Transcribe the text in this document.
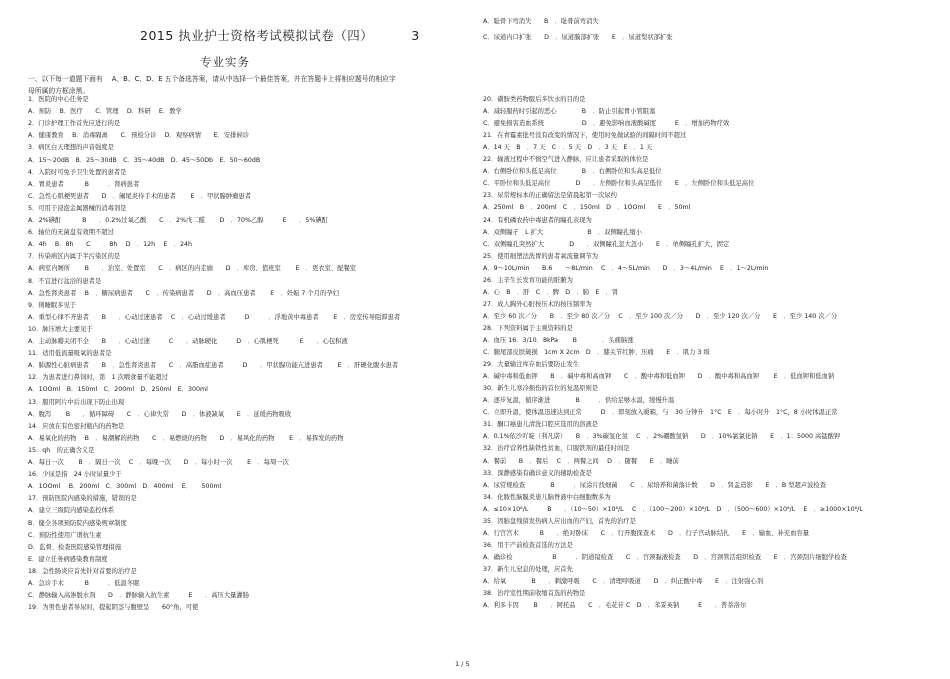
2015 执业护士资格考试模拟试卷（四）	3
专业实务
一、以下每一道题下面有　 A、B、C、D、E 五个备选答案，请从中选择一个最佳答案，并在答题卡上将相应题号的相应字
母所属的方框涂黑。
1．医院的中心任务是
A．预防　 B．医疗　　C．管理　 D．科研　 E．教学
2．门诊护理工作首先应进行的是
A．健康教育　 B．消毒隔离　　C．预检分诊　 D．观察病情　　E．安排候诊
3．病区白天理想的声音强度是
A．15～20dB　B．25～30dB　C．35～40dB　D．45～50Db　E．50～60dB
4．入院时可免予卫生处置的患者是
A．胃炎患者　　　 B　　　．肾病患者
C．急性心肌梗死患者　　D　．阑尾炎待手术的患者　　 E　．甲状腺肿瘤患者
5．可用于浸泡金属器械的消毒剂是
A．2%碘酊　　　 B　　．0.2%过氧乙酸　　C　．2%戊二醛　　 D　．70%乙醇　　　E　　．5%碘酊
6．轴位的无菌盘有效期不超过
A．4h　 B．8h　　C　　．8h　 D　．12h　 E　．24h
7．传染病区内属于半污染区的是
A．病室内厕所　　 B　　．治室、处置室　　C　．病区的内走廊　　D　．库房、值班室　　 E　．更衣室、配餐室
8．不宜进行盆浴的患者是
A．急性肾炎患者　 B　．糖尿病患者　　C　．传染病患者　　D　．高血压患者　　 E　．妊娠 7 个月的孕妇
9．則睡眠多见于
A．重型心律不齐患者　　B　　．心动过速患者　 C　．心动过缓患者　　　D　　　．浮地黄中毒患者　　 E　．房室传导阻滞患者
10．脉压增大主要见于
A．主动脉瓣关闭不全　　B　　．心动过速　　　C　　．动脉硬化　　　D　．心肌梗死　　　 E　　．心包积液
11．适用低流量吸氧的患者是
A．肺源性心脏病患者　　B　．急性肾炎患者　　C　．高脂血症患者　　　D　　．甲状腺功能亢进患者　　 E　．肝硬化腹水患者
12．为患者进行鼻饲时，第　1 次喂食量不能超过
A．1OOml　B．150ml　C．200ml　D．250ml　E．300ml
13．服用阿片中后出现下防止出现
A．腹泻　　 B　　．循环障碍　　C　．心律失常　　D　．体液缺氧　　E　．延缓药物吸收
14．应放在有色密封瓶内的药物是
A．易氧化的药物　 B　．易潮解的药物　　C　．易燃烧的药物　　D　．易风化的药物　　 E　．易挥发的药物
15．qh　的正确含义是
A．每日一次　　 B　．隔日一次　 C　．每晚一次　　D　．每小时一次　　 E　．每周一次
16．少尿是指　24 小时尿量少于
A．1OOml　 B．200ml　C．300ml　D．400ml　 E．　　500ml
17．预防医院内感染的措施，错误的是
A．建立三级院内感染监控体系
B．健全各项预防院内感染规章制度
C．预防性使用广谱抗生素
D．监督、检查医院感染管理措施
E．建立任务病感染教育制度
18．急性肠炎应首先针对首要的治疗是
A．急诊手术　　　 B　　　．低温冬眠
C．静脉输入高渗脱水剂　　D　．静脉输入抗生素　　　E　　．高压大量灌肠
19．为男性患者导尿时，提起阴茎与腹壁呈　　60°角，可使
A．耻骨下弯消失　　B　．耻骨前弯消失
C．尿道内口扩张　　D　．尿道膜部扩张　　E　．尿道梨状部扩张
20．磺胺类药物服后多饮水的目的是
A．减轻服药时引起的恶心　　　　B　．防止引起胃小管阻塞
C．避免损害造血系统　　　　　　D　．避免影响血液酸碱度　　　E　．增加药物疗效
21．在青霉素批号没有改变的情况下，使用时免做试验的间隔时间不超过
A．14 天　B　．7 天　C　．5 天　D　．3 天　E　．1 天
22．输液过程中不慎空气进入静脉，应让患者采取的体位是
A．右侧卧位和头低足高位　　　　B　．右侧卧位和头高足低位
C．平卧位和头低足高位　　　　D　　．左侧卧位和头高足低位　　E　．左侧卧位和头低足高位
23．尿常规标本的正确留法是留晨起第一次尿约
A．250ml　B　．200ml　C　．150ml　D　．1OOml　　E　．50ml
24．有机磷农药中毒患者的瞳孔表现为
A．双侧瞳孑　L 扩大　　　　　　　B　．双侧瞳孔缩小
C．双侧瞳孔突然扩大　　　　D　　．双侧瞳孔忽大忽小　　E　．单侧瞳孔扩大，固定
25．使用细塑法洗胃的患者氧流量调节为
A．9～10L/min　　B.6　　～8L/min　 C　．4～5L/min　　D　．3～4L/min　 E　．1～2L/min
26．主辛生长发育功能的脏腑为
A．心　B　．肝　C　．脾　D　．肺　E　．肾
27．成人胸外心脏按压术的按压频率为
A．至少 60 次／分　　B　．至少 80 次／分　 C　．至少 100 次／分　　D　．至少 120 次／分　　E　．至少 140 次／分
28．下列资料属于主观资料的是
A．血压 16．3/10．8kPa　　 B　　　　．头痛脑涨
C．腿尾部皮肤破损　1cm X 2cm　D　．膝关节红肿、压痛　　E　．肌力 3 级
29．大量输注库存血后要防止发生
A．碱中毒和低血钾　　B　．碱中毒和高血钾　　C　．酸中毒和低血钾　　D　．酸中毒和高血钾　　 E　．低血钾和低血钠
30．新生儿寒冷损伤的首位的复温原则是
A．逐步复温，循序渐进　　　　B　　　．供给足够水温，缓慢升温
C．立即升温，使体温迅速达到正常　　　D　．即刻放入暖箱，与　30 分钟升　1°C　E　．每小时升　1°C，8 小时体温正常
31．酮口癌患儿清洗口腔应选用的溶液是
A．0.1%依沙吖啶（利凡诺）　　B　．3%碳氢化氢　 C　．2%硼酸氢钠　　D　．10%氯氯化钠　　E　．1：5000 高锰酸钾
32．治疗营养性缺铁性贫血，口服铁剂的最佳时间是
A．餐前　　B　．餐后　 C　．两餐之间　 D　．随餐　　E　．睡前
33．深静感染有确诊意义的辅助检查是
A．尿常规检查　　　　B　　　．尿涂片找细菌　　C　．尿培养和菌落计数　　D　．肾盂造影　　E　．B 型超声波检查
34．化脓性脑膜炎患儿脑脊液中白细胞数多为
A．≤10×10⁶/L　　　B　　．（10～50）×10⁶/L　 C　．（100～200）×10⁶/L　D　．（500～600）×10⁶/L　 E　．≥1000×10⁶/L
35．因胎盘残留发热病人应出血的产妇，首先的治疗是
A．行宫宫术　　　 B　　．绝对卧床　　C　．行开腹探查术　　D　．行子宫动脉结扎　　E　．输血、补充血容量
36．用于产前检查首选的方法是
A．确诊检　　　　　　 B　　　．阴道镜检查　　C　．宫颈黏液检查　　D　．宫颈管活组织检查　　E　．宫颈刮片细胞学检查
37．新生儿窒息的处理，应首先
A．给氧　　　　B　　．刺激呼吸　　C　．清理呼吸道　　D　．纠正酸中毒　　E　．注射强心剂
38．治疗室性期前收缩首选的药物是
A．利多卡因　　 B　　．阿托品　　C　．毛花苷 C　D　．苯妥英钠　　　E　　．普萘洛尔
1 / 5
